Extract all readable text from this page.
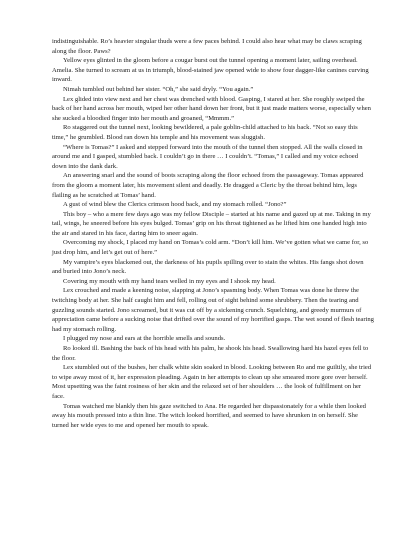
indistinguishable. Ro’s heavier singular thuds were a few paces behind. I could also hear what may be claws scraping along the floor. Paws?

Yellow eyes glinted in the gloom before a cougar burst out the tunnel opening a moment later, sailing overhead. Amelia. She turned to scream at us in triumph, blood-stained jaw opened wide to show four dagger-like canines curving inward.

Nimah tumbled out behind her sister. “Oh,” she said dryly. “You again.”

Lex glided into view next and her chest was drenched with blood. Gasping, I stared at her. She roughly swiped the back of her hand across her mouth, wiped her other hand down her front, but it just made matters worse, especially when she sucked a bloodied finger into her mouth and groaned, “Mmmm.”

Ro staggered out the tunnel next, looking bewildered, a pale goblin-child attached to his back. “Not so easy this time,” he grumbled. Blood ran down his temple and his movement was sluggish.

“Where is Tomas?” I asked and stepped forward into the mouth of the tunnel then stopped. All the walls closed in around me and I gasped, stumbled back. I couldn’t go in there … I couldn’t. “Tomas,” I called and my voice echoed down into the dank dark.

An answering snarl and the sound of boots scraping along the floor echoed from the passageway. Tomas appeared from the gloom a moment later, his movement silent and deadly. He dragged a Cleric by the throat behind him, legs flailing as he scratched at Tomas’ hand.

A gust of wind blew the Clerics crimson hood back, and my stomach rolled. “Jono?”

This boy – who a mere few days ago was my fellow Disciple – started at his name and gazed up at me. Taking in my tail, wings, he sneered before his eyes bulged. Tomas’ grip on his throat tightened as he lifted him one handed high into the air and stared in his face, daring him to sneer again.

Overcoming my shock, I placed my hand on Tomas’s cold arm. “Don’t kill him. We’ve gotten what we came for, so just drop him, and let’s get out of here.”

My vampire’s eyes blackened out, the darkness of his pupils spilling over to stain the whites. His fangs shot down and buried into Jono’s neck.

Covering my mouth with my hand tears welled in my eyes and I shook my head.

Lex crouched and made a keening noise, slapping at Jono’s spasming body. When Tomas was done he threw the twitching body at her. She half caught him and fell, rolling out of sight behind some shrubbery. Then the tearing and guzzling sounds started. Jono screamed, but it was cut off by a sickening crunch. Squelching, and greedy murmurs of appreciation came before a sucking noise that drifted over the sound of my horrified gasps. The wet sound of flesh tearing had my stomach rolling.

I plugged my nose and ears at the horrible smells and sounds.

Ro looked ill. Bashing the back of his head with his palm, he shook his head. Swallowing hard his hazel eyes fell to the floor.

Lex stumbled out of the bushes, her chalk white skin soaked in blood. Looking between Ro and me guiltily, she tried to wipe away most of it, her expression pleading. Again in her attempts to clean up she smeared more gore over herself. Most upsetting was the faint rosiness of her skin and the relaxed set of her shoulders … the look of fulfillment on her face.

Tomas watched me blankly then his gaze switched to Ana. He regarded her dispassionately for a while then looked away his mouth pressed into a thin line. The witch looked horrified, and seemed to have shrunken in on herself. She turned her wide eyes to me and opened her mouth to speak.
